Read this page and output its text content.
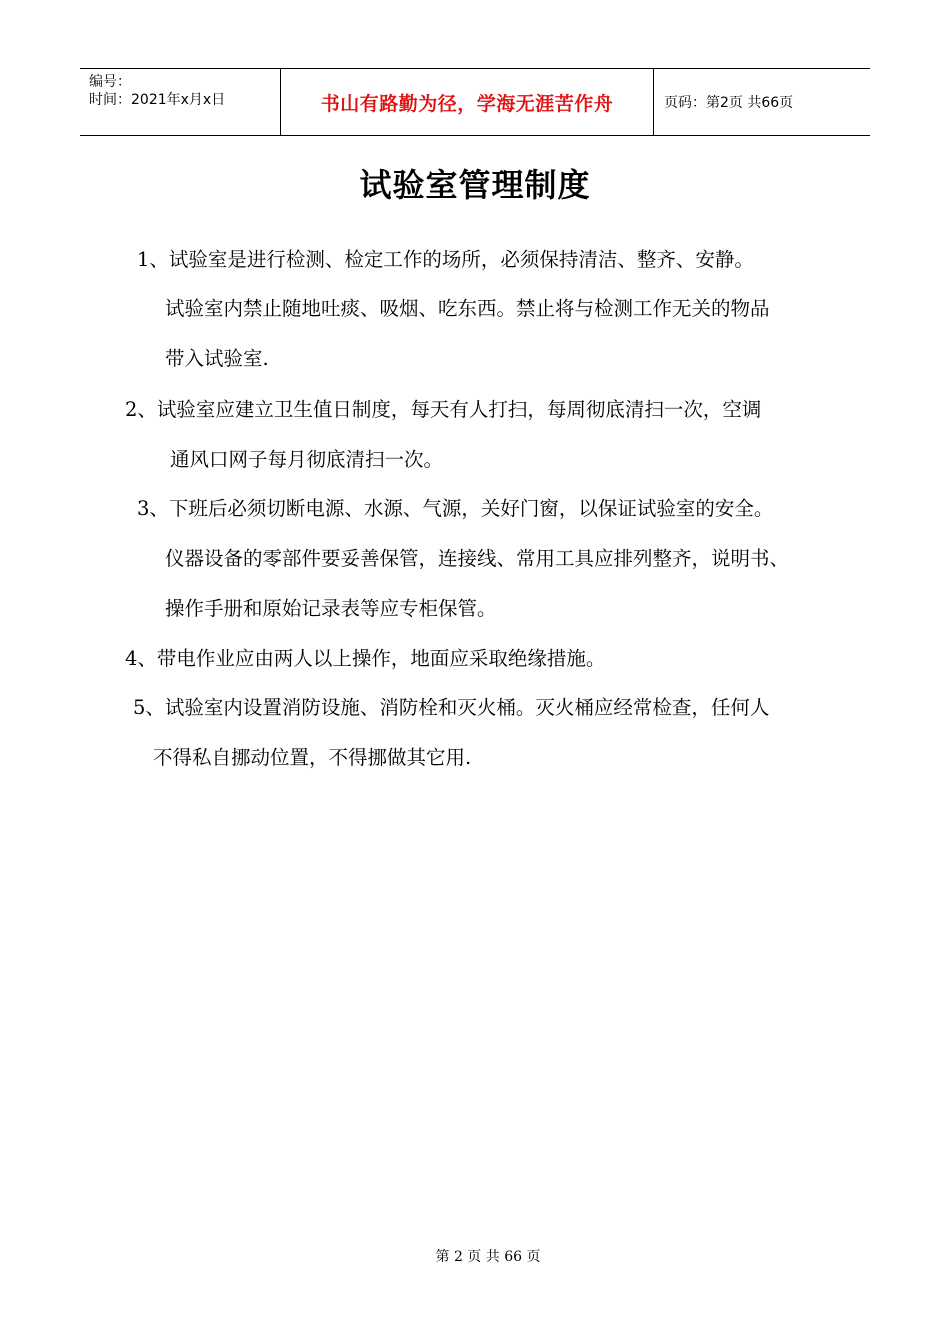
编号：
时间：2021年x月x日	书山有路勤为径，学海无涯苦作舟	页码：第2页 共66页
试验室管理制度
1、试验室是进行检测、检定工作的场所，必须保持清洁、整齐、安静。
试验室内禁止随地吐痰、吸烟、吃东西。禁止将与检测工作无关的物品
带入试验室.
2、试验室应建立卫生值日制度，每天有人打扫，每周彻底清扫一次，空调
通风口网子每月彻底清扫一次。
3、下班后必须切断电源、水源、气源，关好门窗，以保证试验室的安全。
仪器设备的零部件要妥善保管，连接线、常用工具应排列整齐，说明书、
操作手册和原始记录表等应专柜保管。
4、带电作业应由两人以上操作，地面应采取绝缘措施。
5、试验室内设置消防设施、消防栓和灭火桶。灭火桶应经常检查，任何人
不得私自挪动位置，不得挪做其它用.
第 2 页 共 66 页
